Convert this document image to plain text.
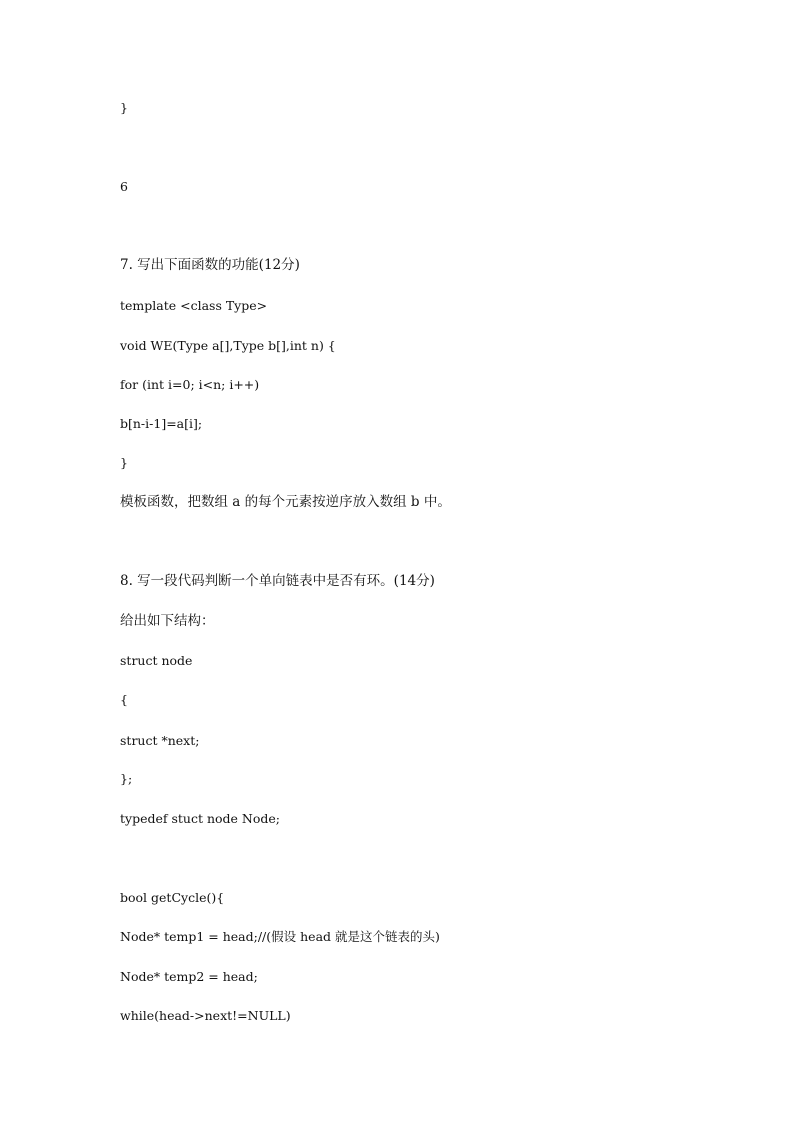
}
6
7. 写出下面函数的功能(12分)
template <class Type>
void WE(Type a[],Type b[],int n) {
for (int i=0; i<n; i++)
b[n-i-1]=a[i];
}
模板函数，把数组 a 的每个元素按逆序放入数组 b 中。
8. 写一段代码判断一个单向链表中是否有环。(14分)
给出如下结构：
struct node
{
struct *next;
};
typedef stuct node Node;
bool getCycle(){
Node* temp1 = head;//(假设 head 就是这个链表的头)
Node* temp2 = head;
while(head->next!=NULL)
